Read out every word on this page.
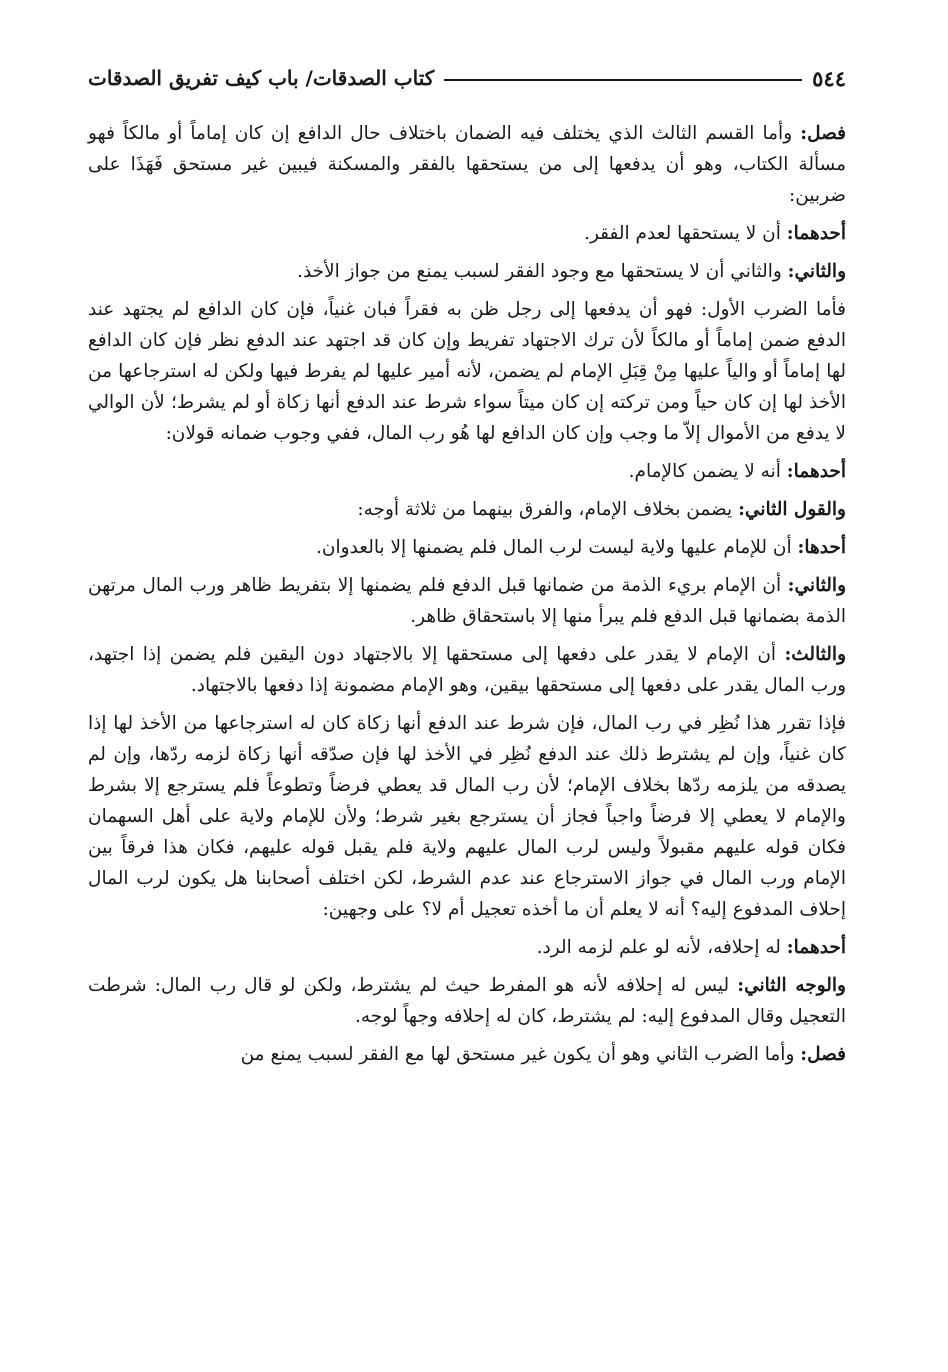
٥٤٤
كتاب الصدقات/ باب كيف تفريق الصدقات

فصل: وأما القسم الثالث الذي يختلف فيه الضمان باختلاف حال الدافع إن كان إماماً أو مالكاً فهو مسألة الكتاب، وهو أن يدفعها إلى من يستحقها بالفقر والمسكنة فيبين غير مستحق فَهَذَا على ضربين:

أحدهما: أن لا يستحقها لعدم الفقر.

والثاني: والثاني أن لا يستحقها مع وجود الفقر لسبب يمنع من جواز الأخذ.

فأما الضرب الأول: فهو أن يدفعها إلى رجل ظن به فقراً فبان غنياً، فإن كان الدافع لم يجتهد عند الدفع ضمن إماماً أو مالكاً لأن ترك الاجتهاد تفريط وإن كان قد اجتهد عند الدفع نظر فإن كان الدافع لها إماماً أو والياً عليها مِنْ قِبَلِ الإمام لم يضمن، لأنه أمير عليها لم يفرط فيها ولكن له استرجاعها من الأخذ لها إن كان حياً ومن تركته إن كان ميتاً سواء شرط عند الدفع أنها زكاة أو لم يشرط؛ لأن الوالي لا يدفع من الأموال إلاّ ما وجب وإن كان الدافع لها هُو رب المال، ففي وجوب ضمانه قولان:

أحدهما: أنه لا يضمن كالإمام.

والقول الثاني: يضمن بخلاف الإمام، والفرق بينهما من ثلاثة أوجه:

أحدها: أن للإمام عليها ولاية ليست لرب المال فلم يضمنها إلا بالعدوان.

والثاني: أن الإمام بريء الذمة من ضمانها قبل الدفع فلم يضمنها إلا بتفريط ظاهر ورب المال مرتهن الذمة بضمانها قبل الدفع فلم يبرأ منها إلا باستحقاق ظاهر.

والثالث: أن الإمام لا يقدر على دفعها إلى مستحقها إلا بالاجتهاد دون اليقين فلم يضمن إذا اجتهد، ورب المال يقدر على دفعها إلى مستحقها بيقين، وهو الإمام مضمونة إذا دفعها بالاجتهاد.

فإذا تقرر هذا نُظِر في رب المال، فإن شرط عند الدفع أنها زكاة كان له استرجاعها من الأخذ لها إذا كان غنياً، وإن لم يشترط ذلك عند الدفع نُظِر في الأخذ لها فإن صدّقه أنها زكاة لزمه ردّها، وإن لم يصدقه من يلزمه ردّها بخلاف الإمام؛ لأن رب المال قد يعطي فرضاً وتطوعاً فلم يسترجع إلا بشرط والإمام لا يعطي إلا فرضاً واجباً فجاز أن يسترجع بغير شرط؛ ولأن للإمام ولاية على أهل السهمان فكان قوله عليهم مقبولاً وليس لرب المال عليهم ولاية فلم يقبل قوله عليهم، فكان هذا فرقاً بين الإمام ورب المال في جواز الاسترجاع عند عدم الشرط، لكن اختلف أصحابنا هل يكون لرب المال إحلاف المدفوع إليه؟ أنه لا يعلم أن ما أخذه تعجيل أم لا؟ على وجهين:

أحدهما: له إحلافه، لأنه لو علم لزمه الرد.

والوجه الثاني: ليس له إحلافه لأنه هو المفرط حيث لم يشترط، ولكن لو قال رب المال: شرطت التعجيل وقال المدفوع إليه: لم يشترط، كان له إحلافه وجهاً لوجه.

فصل: وأما الضرب الثاني وهو أن يكون غير مستحق لها مع الفقر لسبب يمنع من
